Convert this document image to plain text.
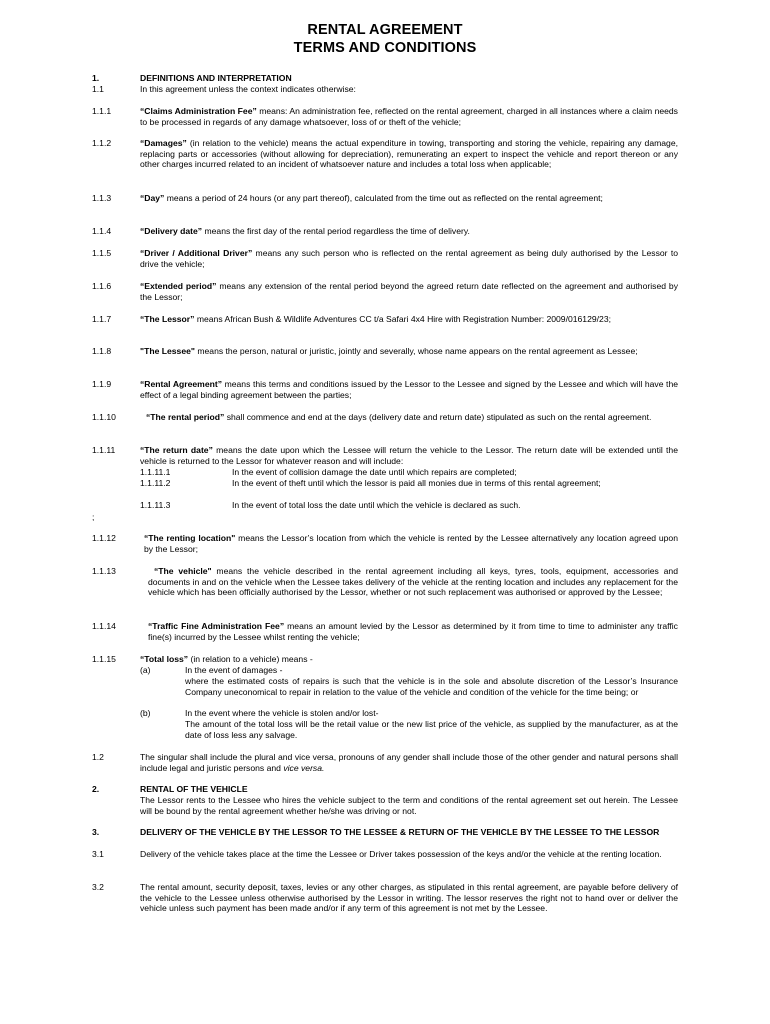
RENTAL AGREEMENT
TERMS AND CONDITIONS
1.	DEFINITIONS AND INTERPRETATION
1.1	In this agreement unless the context indicates otherwise:
1.1.1	“Claims Administration Fee” means: An administration fee, reflected on the rental agreement, charged in all instances where a claim needs to be processed in regards of any damage whatsoever, loss of or theft of the vehicle;
1.1.2	“Damages” (in relation to the vehicle) means the actual expenditure in towing, transporting and storing the vehicle, repairing any damage, replacing parts or accessories (without allowing for depreciation), remunerating an expert to inspect the vehicle and report thereon or any other charges incurred related to an incident of whatsoever nature and includes a total loss when applicable;
1.1.3	“Day” means a period of 24 hours (or any part thereof), calculated from the time out as reflected on the rental agreement;
1.1.4	“Delivery date” means the first day of the rental period regardless the time of delivery.
1.1.5	“Driver / Additional Driver” means any such person who is reflected on the rental agreement as being duly authorised by the Lessor to drive the vehicle;
1.1.6	“Extended period” means any extension of the rental period beyond the agreed return date reflected on the agreement and authorised by the Lessor;
1.1.7	“The Lessor” means African Bush & Wildlife Adventures CC t/a Safari 4x4 Hire with Registration Number: 2009/016129/23;
1.1.8	"The Lessee" means the person, natural or juristic, jointly and severally, whose name appears on the rental agreement as Lessee;
1.1.9	“Rental Agreement” means this terms and conditions issued by the Lessor to the Lessee and signed by the Lessee and which will have the effect of a legal binding agreement between the parties;
1.1.10	“The rental period” shall commence and end at the days (delivery date and return date) stipulated as such on the rental agreement.
1.1.11	“The return date” means the date upon which the Lessee will return the vehicle to the Lessor. The return date will be extended until the vehicle is returned to the Lessor for whatever reason and will include:
1.1.11.1	In the event of collision damage the date until which repairs are completed;
1.1.11.2	In the event of theft until which the lessor is paid all monies due in terms of this rental agreement;
1.1.11.3	In the event of total loss the date until which the vehicle is declared as such.
;
1.1.12	“The renting location" means the Lessor’s location from which the vehicle is rented by the Lessee alternatively any location agreed upon by the Lessor;
1.1.13	“The vehicle" means the vehicle described in the rental agreement including all keys, tyres, tools, equipment, accessories and documents in and on the vehicle when the Lessee takes delivery of the vehicle at the renting location and includes any replacement for the vehicle which has been officially authorised by the Lessor, whether or not such replacement was authorised or approved by the Lessee;
1.1.14	“Traffic Fine Administration Fee” means an amount levied by the Lessor as determined by it from time to time to administer any traffic fine(s) incurred by the Lessee whilst renting the vehicle;
1.1.15	“Total loss” (in relation to a vehicle) means -
(a)	In the event of damages -
where the estimated costs of repairs is such that the vehicle is in the sole and absolute discretion of the Lessor’s Insurance Company uneconomical to repair in relation to the value of the vehicle and condition of the vehicle for the time being; or
(b)	In the event where the vehicle is stolen and/or lost-
The amount of the total loss will be the retail value or the new list price of the vehicle, as supplied by the manufacturer, as at the date of loss less any salvage.
1.2	The singular shall include the plural and vice versa, pronouns of any gender shall include those of the other gender and natural persons shall include legal and juristic persons and vice versa.
2.	RENTAL OF THE VEHICLE
The Lessor rents to the Lessee who hires the vehicle subject to the term and conditions of the rental agreement set out herein. The Lessee will be bound by the rental agreement whether he/she was driving or not.
3.	DELIVERY OF THE VEHICLE BY THE LESSOR TO THE LESSEE & RETURN OF THE VEHICLE BY THE LESSEE TO THE LESSOR
3.1	Delivery of the vehicle takes place at the time the Lessee or Driver takes possession of the keys and/or the vehicle at the renting location.
3.2	The rental amount, security deposit, taxes, levies or any other charges, as stipulated in this rental agreement, are payable before delivery of the vehicle to the Lessee unless otherwise authorised by the Lessor in writing. The lessor reserves the right not to hand over or deliver the vehicle unless such payment has been made and/or if any term of this agreement is not met by the Lessee.
